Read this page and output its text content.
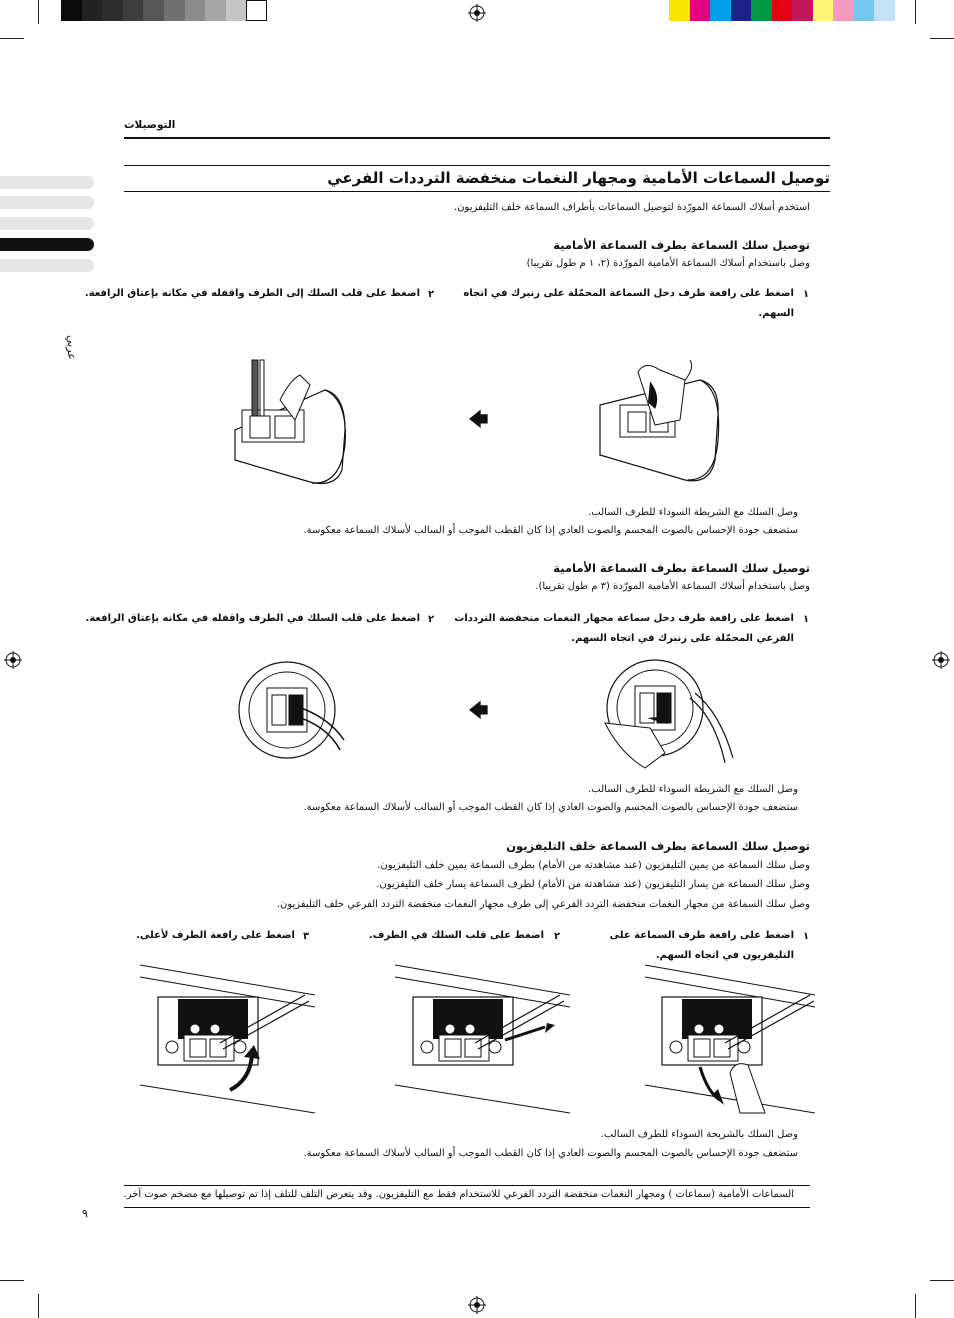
التوصيلات
عربي
توصيل السماعات الأمامية ومجهار النغمات منخفضة الترددات الفرعي
استخدم أسلاك السماعة المورّدة لتوصيل السماعات بأطراف السماعة خلف التليفزيون.
توصيل سلك السماعة بطرف السماعة الأمامية
وصل باستخدام أسلاك السماعة الأمامية المورّدة (٢، ١ م طول تقريبا)
١
اضغط على رافعة طرف دخل السماعة المحمّلة على زنبرك في اتجاه
السهم.
٢
اضغط على قلب السلك إلى الطرف واقفله في مكانه بإعتاق الرافعة.
🡄
وصل السلك مع الشريطة السوداء للطرف السالب.
ستضعف جودة الإحساس بالصوت المجسم والصوت العادي إذا كان القطب الموجب أو السالب لأسلاك السماعة معكوسة.
توصيل سلك السماعة بطرف السماعة الأمامية
وصل باستخدام أسلاك السماعة الأمامية المورّدة (٣ م طول تقريبا).
١
اضغط على رافعة طرف دخل سماعة مجهار النغمات منخفضة الترددات
الفرعي المحمّلة على زنبرك في اتجاه السهم.
٢
اضغط على قلب السلك في الطرف واقفله في مكانه بإعتاق الرافعة.
🡄
وصل السلك مع الشريطة السوداء للطرف السالب.
ستضعف جودة الإحساس بالصوت المجسم والصوت العادي إذا كان القطب الموجب أو السالب لأسلاك السماعة معكوسة.
توصيل سلك السماعة بطرف السماعة خلف التليفزيون
وصل سلك السماعة من يمين التليفزيون (عند مشاهدته من الأمام) بطرف السماعة يمين خلف التليفزيون.
وصل سلك السماعة من يسار التليفزيون (عند مشاهدته من الأمام) لطرف السماعة يسار خلف التليفزيون.
وصل سلك السماعة من مجهار النغمات منخفضة التردد الفرعي إلى طرف مجهار النغمات منخفضة التردد الفرعي خلف التليفزيون.
١
اضغط على رافعة طرف السماعة على
التليفزيون في اتجاه السهم.
٢
اضغط على قلب السلك في الطرف.
٣
اضغط على رافعة الطرف لأعلى.
وصل السلك بالشريحة السوداء للطرف السالب.
ستضعف جودة الإحساس بالصوت المجسم والصوت العادي إذا كان القطب الموجب أو السالب لأسلاك السماعة معكوسة.
السماعات الأمامية (سماعات ) ومجهار النغمات منخفضة التردد الفرعي للاستخدام فقط مع التليفزيون. وقد يتعرض التلف للتلف إذا تم توصيلها مع مضخم صوت آخر.
٩
